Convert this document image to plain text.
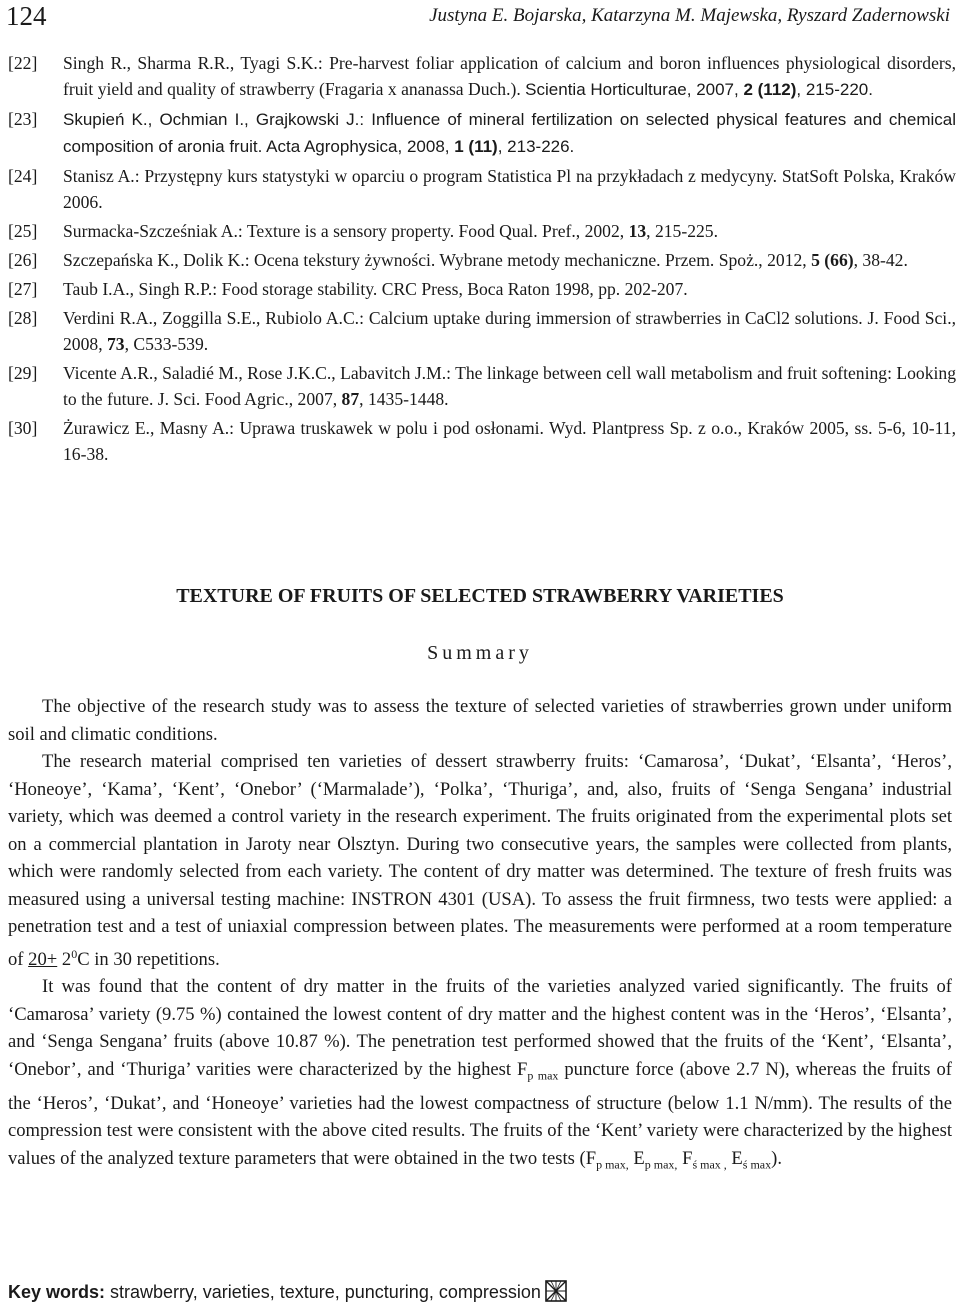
124	Justyna E. Bojarska, Katarzyna M. Majewska, Ryszard Zadernowski
[22] Singh R., Sharma R.R., Tyagi S.K.: Pre-harvest foliar application of calcium and boron influences physiological disorders, fruit yield and quality of strawberry (Fragaria x ananassa Duch.). Scientia Horticulturae, 2007, 2 (112), 215-220.
[23] Skupień K., Ochmian I., Grajkowski J.: Influence of mineral fertilization on selected physical features and chemical composition of aronia fruit. Acta Agrophysica, 2008, 1 (11), 213-226.
[24] Stanisz A.: Przystępny kurs statystyki w oparciu o program Statistica Pl na przykładach z medycyny. StatSoft Polska, Kraków 2006.
[25] Surmacka-Szcześniak A.: Texture is a sensory property. Food Qual. Pref., 2002, 13, 215-225.
[26] Szczepańska K., Dolik K.: Ocena tekstury żywności. Wybrane metody mechaniczne. Przem. Spoż., 2012, 5 (66), 38-42.
[27] Taub I.A., Singh R.P.: Food storage stability. CRC Press, Boca Raton 1998, pp. 202-207.
[28] Verdini R.A., Zoggilla S.E., Rubiolo A.C.: Calcium uptake during immersion of strawberries in CaCl2 solutions. J. Food Sci., 2008, 73, C533-539.
[29] Vicente A.R., Saladié M., Rose J.K.C., Labavitch J.M.: The linkage between cell wall metabolism and fruit softening: Looking to the future. J. Sci. Food Agric., 2007, 87, 1435-1448.
[30] Żurawicz E., Masny A.: Uprawa truskawek w polu i pod osłonami. Wyd. Plantpress Sp. z o.o., Kraków 2005, ss. 5-6, 10-11, 16-38.
TEXTURE OF FRUITS OF SELECTED STRAWBERRY VARIETIES
Summary

The objective of the research study was to assess the texture of selected varieties of strawberries grown under uniform soil and climatic conditions.

The research material comprised ten varieties of dessert strawberry fruits: ‘Camarosa’, ‘Dukat’, ‘Elsanta’, ‘Heros’, ‘Honeoye’, ‘Kama’, ‘Kent’, ‘Onebor’ (‘Marmalade’), ‘Polka’, ‘Thuriga’, and, also, fruits of ‘Senga Sengana’ industrial variety, which was deemed a control variety in the research experiment. The fruits originated from the experimental plots set on a commercial plantation in Jaroty near Olsztyn. During two consecutive years, the samples were collected from plants, which were randomly selected from each variety. The content of dry matter was determined. The texture of fresh fruits was measured using a universal testing machine: INSTRON 4301 (USA). To assess the fruit firmness, two tests were applied: a penetration test and a test of uniaxial compression between plates. The measurements were performed at a room temperature of $20+ 2^0C$ in 30 repetitions.

It was found that the content of dry matter in the fruits of the varieties analyzed varied significantly. The fruits of ‘Camarosa’ variety (9.75 %) contained the lowest content of dry matter and the highest content was in the ‘Heros’, ‘Elsanta’, and ‘Senga Sengana’ fruits (above 10.87 %). The penetration test performed showed that the fruits of the ‘Kent’, ‘Elsanta’, ‘Onebor’, and ‘Thuriga’ varities were characterized by the highest $F_{p max}$ puncture force (above 2.7 N), whereas the fruits of the ‘Heros’, ‘Dukat’, and ‘Honeoye’ varieties had the lowest compactness of structure (below 1.1 N/mm). The results of the compression test were consistent with the above cited results. The fruits of the ‘Kent’ variety were characterized by the highest values of the analyzed texture parameters that were obtained in the two tests ($F_{p max,}$ $E_{p max,}$ $F_{ś max ,}$ $E_{ś max}$).

Key words: strawberry, varieties, texture, puncturing, compression
